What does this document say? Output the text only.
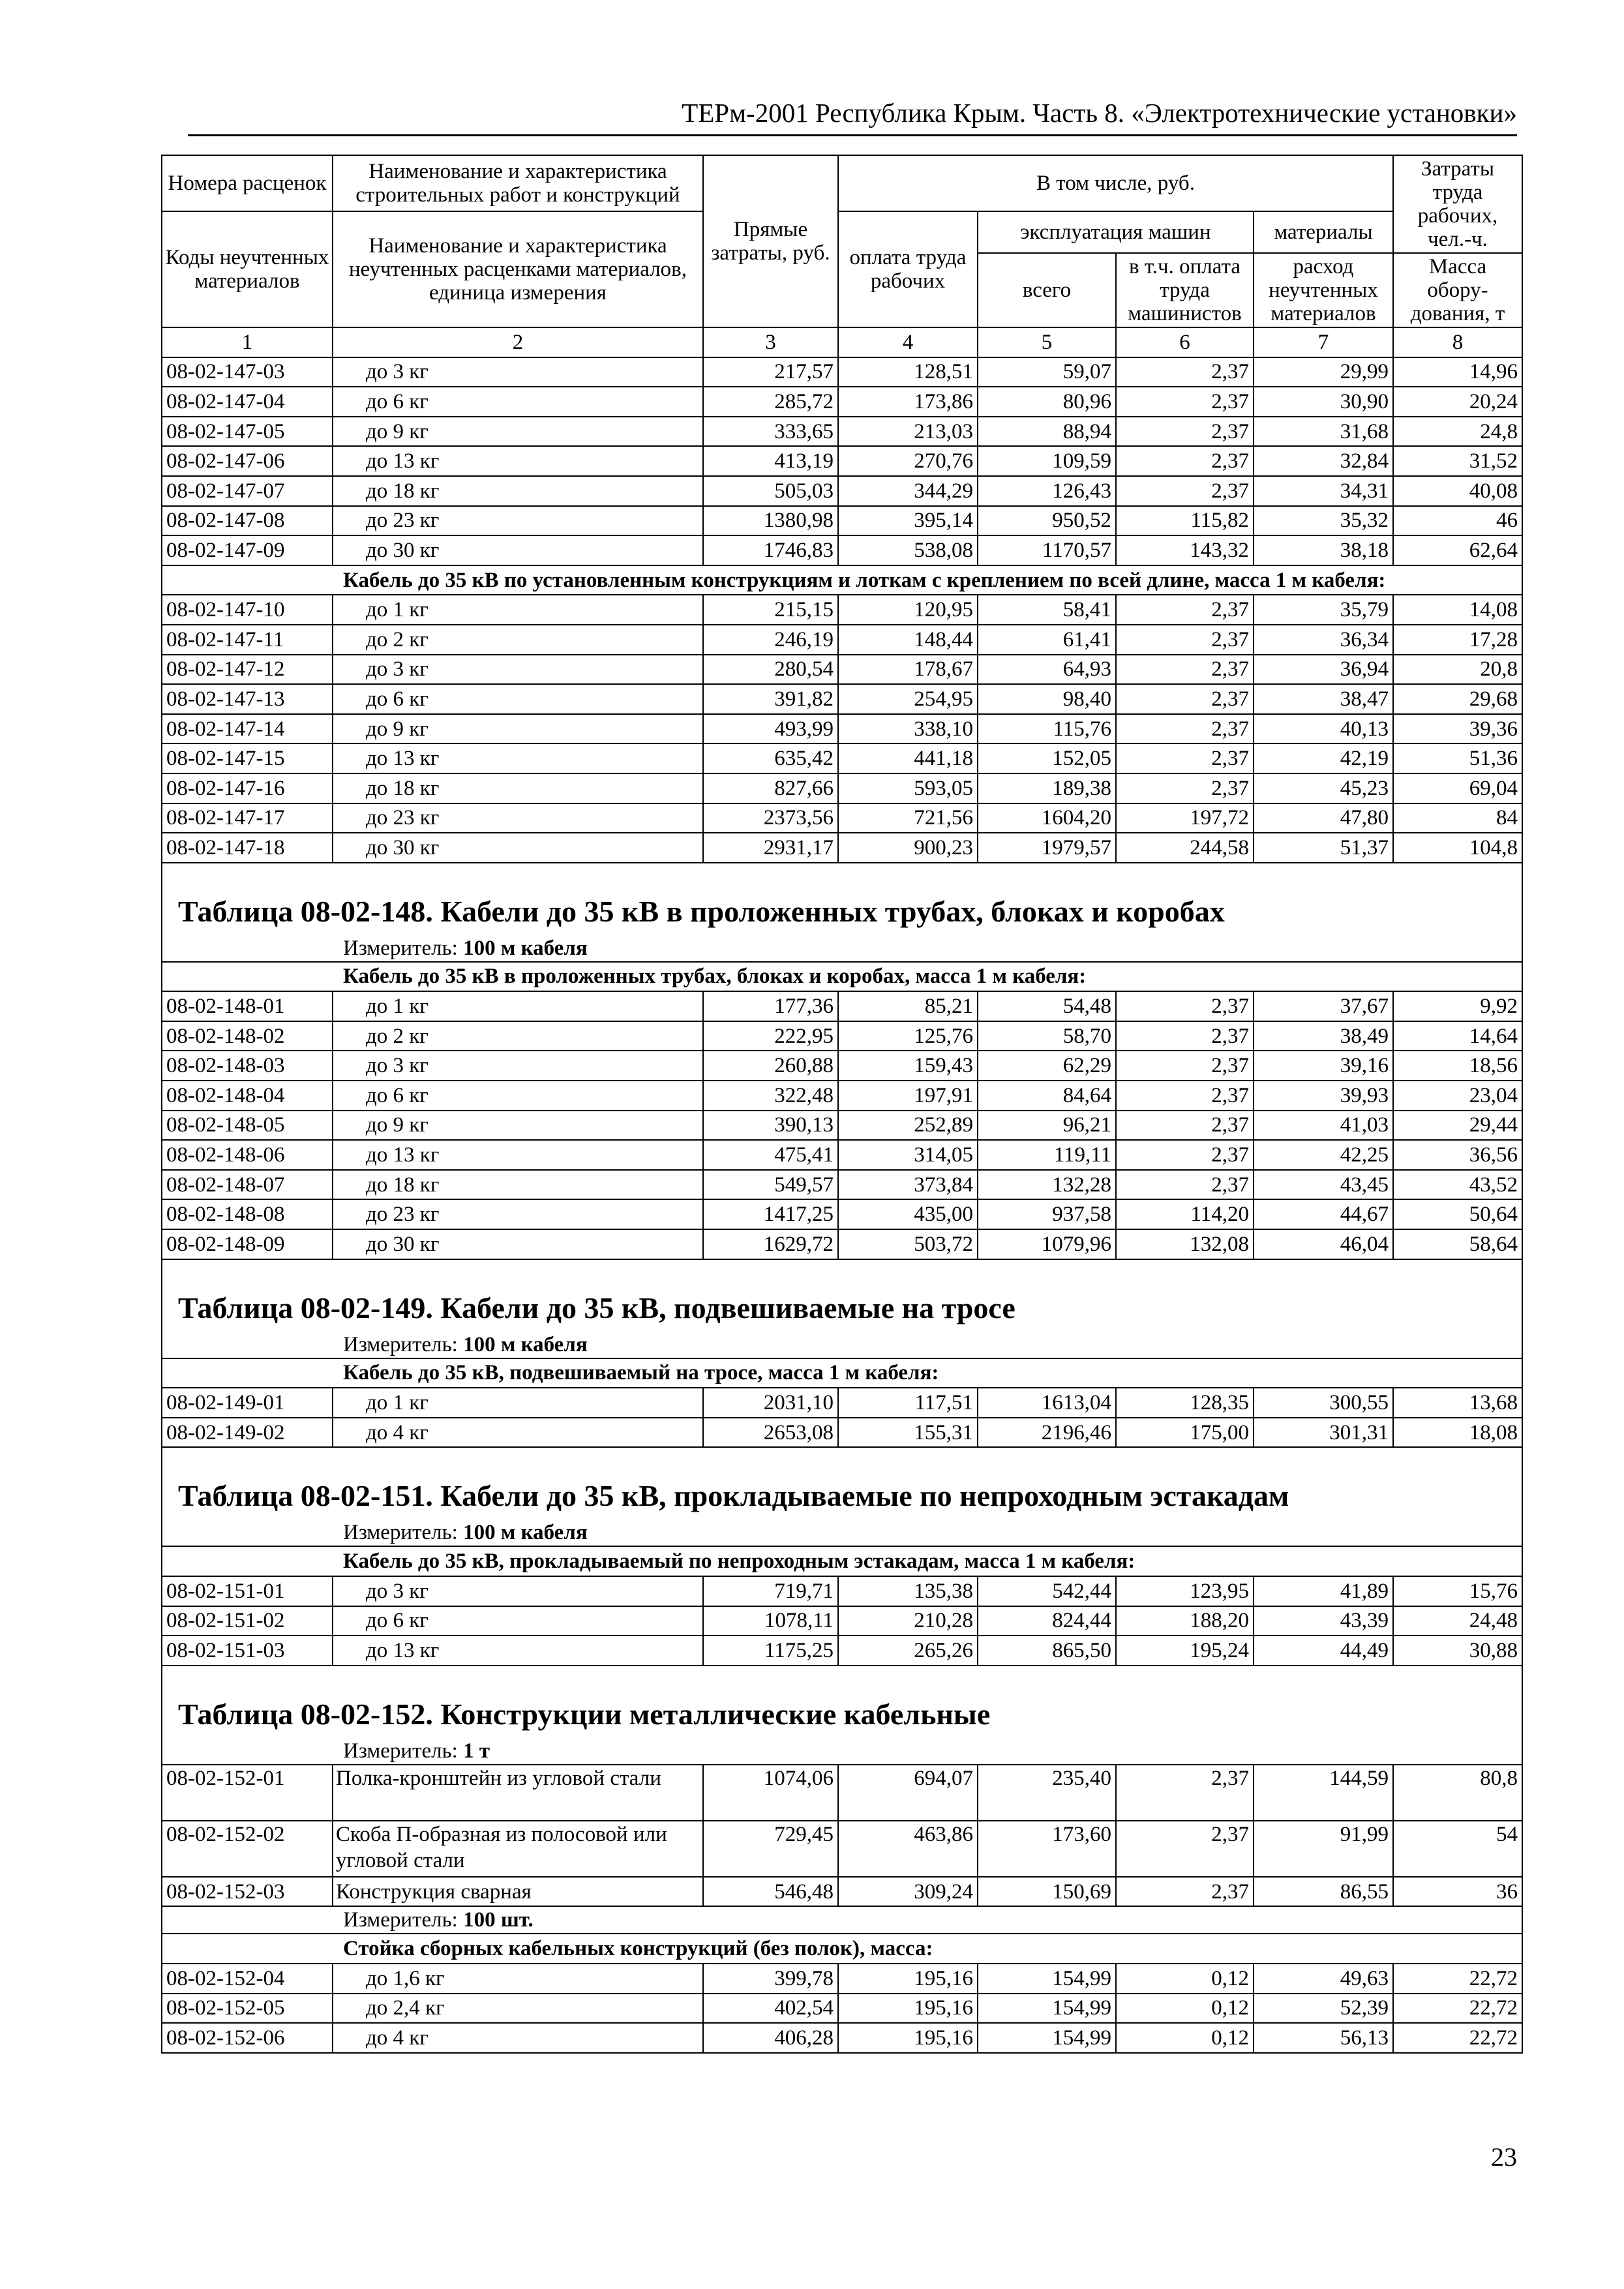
ТЕРм-2001 Республика Крым. Часть 8. «Электротехнические установки»
Номера расценок	Наименование и характеристика строительных работ и конструкций	Прямые затраты, руб.	В том числе, руб.				Затраты труда рабочих, чел.-ч.
Коды неучтенных материалов	Наименование и характеристика неучтенных расценками материалов, единица измерения		оплата труда рабочих	эксплуатация машин		материалы	
				всего	в т.ч. оплата труда машинистов	расход неучтенных материалов	Масса обору-дования, т
1	2	3	4	5	6	7	8
08-02-147-03	до 3 кг	217,57	128,51	59,07	2,37	29,99	14,96
08-02-147-04	до 6 кг	285,72	173,86	80,96	2,37	30,90	20,24
08-02-147-05	до 9 кг	333,65	213,03	88,94	2,37	31,68	24,8
08-02-147-06	до 13 кг	413,19	270,76	109,59	2,37	32,84	31,52
08-02-147-07	до 18 кг	505,03	344,29	126,43	2,37	34,31	40,08
08-02-147-08	до 23 кг	1380,98	395,14	950,52	115,82	35,32	46
08-02-147-09	до 30 кг	1746,83	538,08	1170,57	143,32	38,18	62,64
Кабель до 35 кВ по установленным конструкциям и лоткам с креплением по всей длине, масса 1 м кабеля:							
08-02-147-10	до 1 кг	215,15	120,95	58,41	2,37	35,79	14,08
08-02-147-11	до 2 кг	246,19	148,44	61,41	2,37	36,34	17,28
08-02-147-12	до 3 кг	280,54	178,67	64,93	2,37	36,94	20,8
08-02-147-13	до 6 кг	391,82	254,95	98,40	2,37	38,47	29,68
08-02-147-14	до 9 кг	493,99	338,10	115,76	2,37	40,13	39,36
08-02-147-15	до 13 кг	635,42	441,18	152,05	2,37	42,19	51,36
08-02-147-16	до 18 кг	827,66	593,05	189,38	2,37	45,23	69,04
08-02-147-17	до 23 кг	2373,56	721,56	1604,20	197,72	47,80	84
08-02-147-18	до 30 кг	2931,17	900,23	1979,57	244,58	51,37	104,8
Таблица 08-02-148. Кабели до 35 кВ в проложенных трубах, блоках и коробах							
Измеритель: 100 м кабеля							
Кабель до 35 кВ в проложенных трубах, блоках и коробах, масса 1 м кабеля:							
08-02-148-01	до 1 кг	177,36	85,21	54,48	2,37	37,67	9,92
08-02-148-02	до 2 кг	222,95	125,76	58,70	2,37	38,49	14,64
08-02-148-03	до 3 кг	260,88	159,43	62,29	2,37	39,16	18,56
08-02-148-04	до 6 кг	322,48	197,91	84,64	2,37	39,93	23,04
08-02-148-05	до 9 кг	390,13	252,89	96,21	2,37	41,03	29,44
08-02-148-06	до 13 кг	475,41	314,05	119,11	2,37	42,25	36,56
08-02-148-07	до 18 кг	549,57	373,84	132,28	2,37	43,45	43,52
08-02-148-08	до 23 кг	1417,25	435,00	937,58	114,20	44,67	50,64
08-02-148-09	до 30 кг	1629,72	503,72	1079,96	132,08	46,04	58,64
Таблица 08-02-149. Кабели до 35 кВ, подвешиваемые на тросе							
Измеритель: 100 м кабеля							
Кабель до 35 кВ, подвешиваемый на тросе, масса 1 м кабеля:							
08-02-149-01	до 1 кг	2031,10	117,51	1613,04	128,35	300,55	13,68
08-02-149-02	до 4 кг	2653,08	155,31	2196,46	175,00	301,31	18,08
Таблица 08-02-151. Кабели до 35 кВ, прокладываемые по непроходным эстакадам							
Измеритель: 100 м кабеля							
Кабель до 35 кВ, прокладываемый по непроходным эстакадам, масса 1 м кабеля:							
08-02-151-01	до 3 кг	719,71	135,38	542,44	123,95	41,89	15,76
08-02-151-02	до 6 кг	1078,11	210,28	824,44	188,20	43,39	24,48
08-02-151-03	до 13 кг	1175,25	265,26	865,50	195,24	44,49	30,88
Таблица 08-02-152. Конструкции металлические кабельные							
Измеритель: 1 т							
08-02-152-01	Полка-кронштейн из угловой стали	1074,06	694,07	235,40	2,37	144,59	80,8
08-02-152-02	Скоба П-образная из полосовой или угловой стали	729,45	463,86	173,60	2,37	91,99	54
08-02-152-03	Конструкция сварная	546,48	309,24	150,69	2,37	86,55	36
Измеритель: 100 шт.							
Стойка сборных кабельных конструкций (без полок), масса:							
08-02-152-04	до 1,6 кг	399,78	195,16	154,99	0,12	49,63	22,72
08-02-152-05	до 2,4 кг	402,54	195,16	154,99	0,12	52,39	22,72
08-02-152-06	до 4 кг	406,28	195,16	154,99	0,12	56,13	22,72
23
